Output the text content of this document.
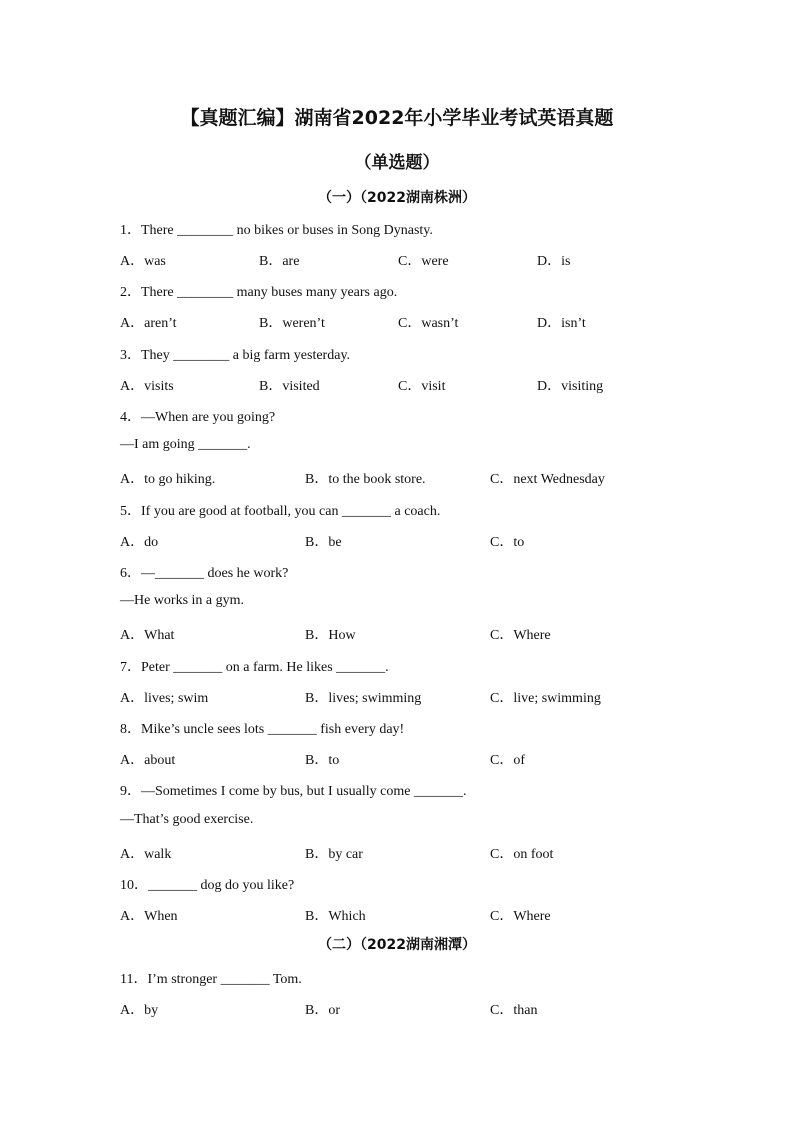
【真题汇编】湖南省2022年小学毕业考试英语真题
（单选题）
（一）（2022湖南株洲）
1．There ________ no bikes or buses in Song Dynasty.
A．was	B．are	C．were	D．is
2．There ________ many buses many years ago.
A．aren’t	B．weren’t	C．wasn’t	D．isn’t
3．They ________ a big farm yesterday.
A．visits	B．visited	C．visit	D．visiting
4．—When are you going?
—I am going _______.
A．to go hiking.	B．to the book store.	C．next Wednesday
5．If you are good at football, you can _______ a coach.
A．do	B．be	C．to
6．—_______ does he work?
—He works in a gym.
A．What	B．How	C．Where
7．Peter _______ on a farm. He likes _______.
A．lives; swim	B．lives; swimming	C．live; swimming
8．Mike’s uncle sees lots _______ fish every day!
A．about	B．to	C．of
9．—Sometimes I come by bus, but I usually come _______.
—That’s good exercise.
A．walk	B．by car	C．on foot
10．_______ dog do you like?
A．When	B．Which	C．Where
（二）（2022湖南湘潭）
11．I’m stronger _______ Tom.
A．by	B．or	C．than
